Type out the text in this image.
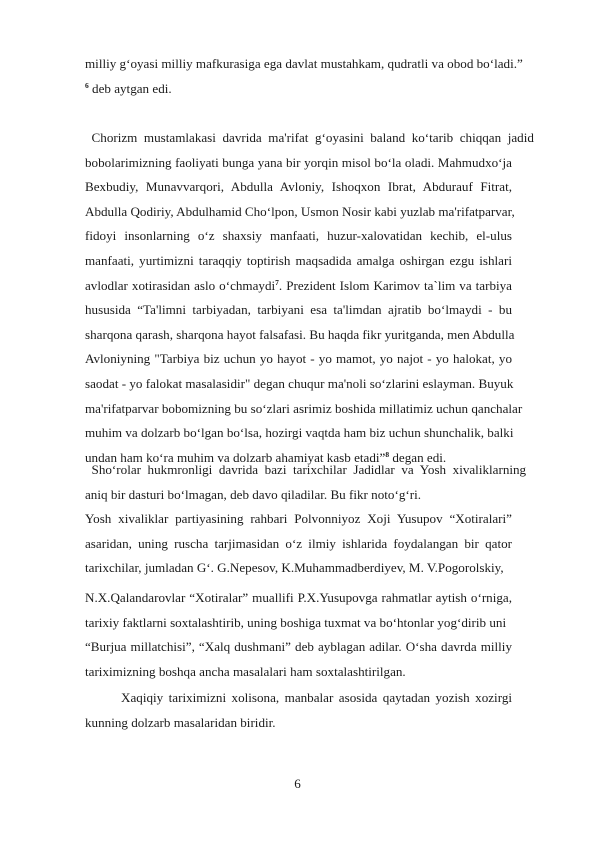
milliy g‘oyasi milliy mafkurasiga ega davlat mustahkam, qudratli va obod bo‘ladi.”
$^6$ deb aytgan edi.
Chorizm  mustamlakasi  davrida  ma'rifat  g‘oyasini  baland  ko‘tarib  chiqqan  jadid
bobolarimizning faoliyati bunga yana bir yorqin misol bo‘la oladi. Mahmudxo‘ja
Bexbudiy, Munavvarqori, Abdulla Avloniy, Ishoqxon Ibrat, Abdurauf Fitrat,
Abdulla Qodiriy, Abdulhamid Cho‘lpon, Usmon Nosir kabi yuzlab ma'rifatparvar,
fidoyi insonlarning o‘z shaxsiy manfaati, huzur-xalovatidan kechib, el-ulus
manfaati, yurtimizni taraqqiy toptirish maqsadida amalga oshirgan ezgu ishlari
avlodlar xotirasidan aslo o‘chmaydi$^7$. Prezident Islom Karimov ta`lim va tarbiya
hususida “Ta'limni tarbiyadan, tarbiyani esa ta'limdan ajratib bo‘lmaydi - bu
sharqona qarash, sharqona hayot falsafasi. Bu haqda fikr yuritganda, men Abdulla
Avloniyning "Tarbiya biz uchun yo hayot - yo mamot, yo najot - yo halokat, yo
saodat - yo falokat masalasidir" degan chuqur ma'noli so‘zlarini eslayman. Buyuk
ma'rifatparvar bobomizning bu so‘zlari asrimiz boshida millatimiz uchun qanchalar
muhim va dolzarb bo‘lgan bo‘lsa, hozirgi vaqtda ham biz uchun shunchalik, balki
undan ham ko‘ra muhim va dolzarb ahamiyat kasb etadi”$^8$ degan edi.
Sho‘rolar  hukmronligi  davrida  bazi  tarixchilar  Jadidlar  va  Yosh  xivaliklarning
aniq bir dasturi bo‘lmagan, deb davo qiladilar. Bu fikr noto‘g‘ri.
Yosh xivaliklar partiyasining rahbari Polvonniyoz Xoji Yusupov “Xotiralari”
asaridan, uning ruscha tarjimasidan o‘z ilmiy ishlarida foydalangan bir qator
tarixchilar, jumladan G‘. G.Nepesov, K.Muhammadberdiyev, M. V.Pogorolskiy,
N.X.Qalandarovlar “Xotiralar” muallifi P.X.Yusupovga rahmatlar aytish o‘rniga,
tarixiy faktlarni soxtalashtirib, uning boshiga tuxmat va bo‘htonlar yog‘dirib uni
“Burjua millatchisi”, “Xalq dushmani” deb ayblagan adilar. O‘sha davrda milliy
tariximizning boshqa ancha masalalari ham soxtalashtirilgan.
Xaqiqiy tariximizni xolisona, manbalar asosida qaytadan yozish xozirgi
kunning dolzarb masalaridan biridir.
6
